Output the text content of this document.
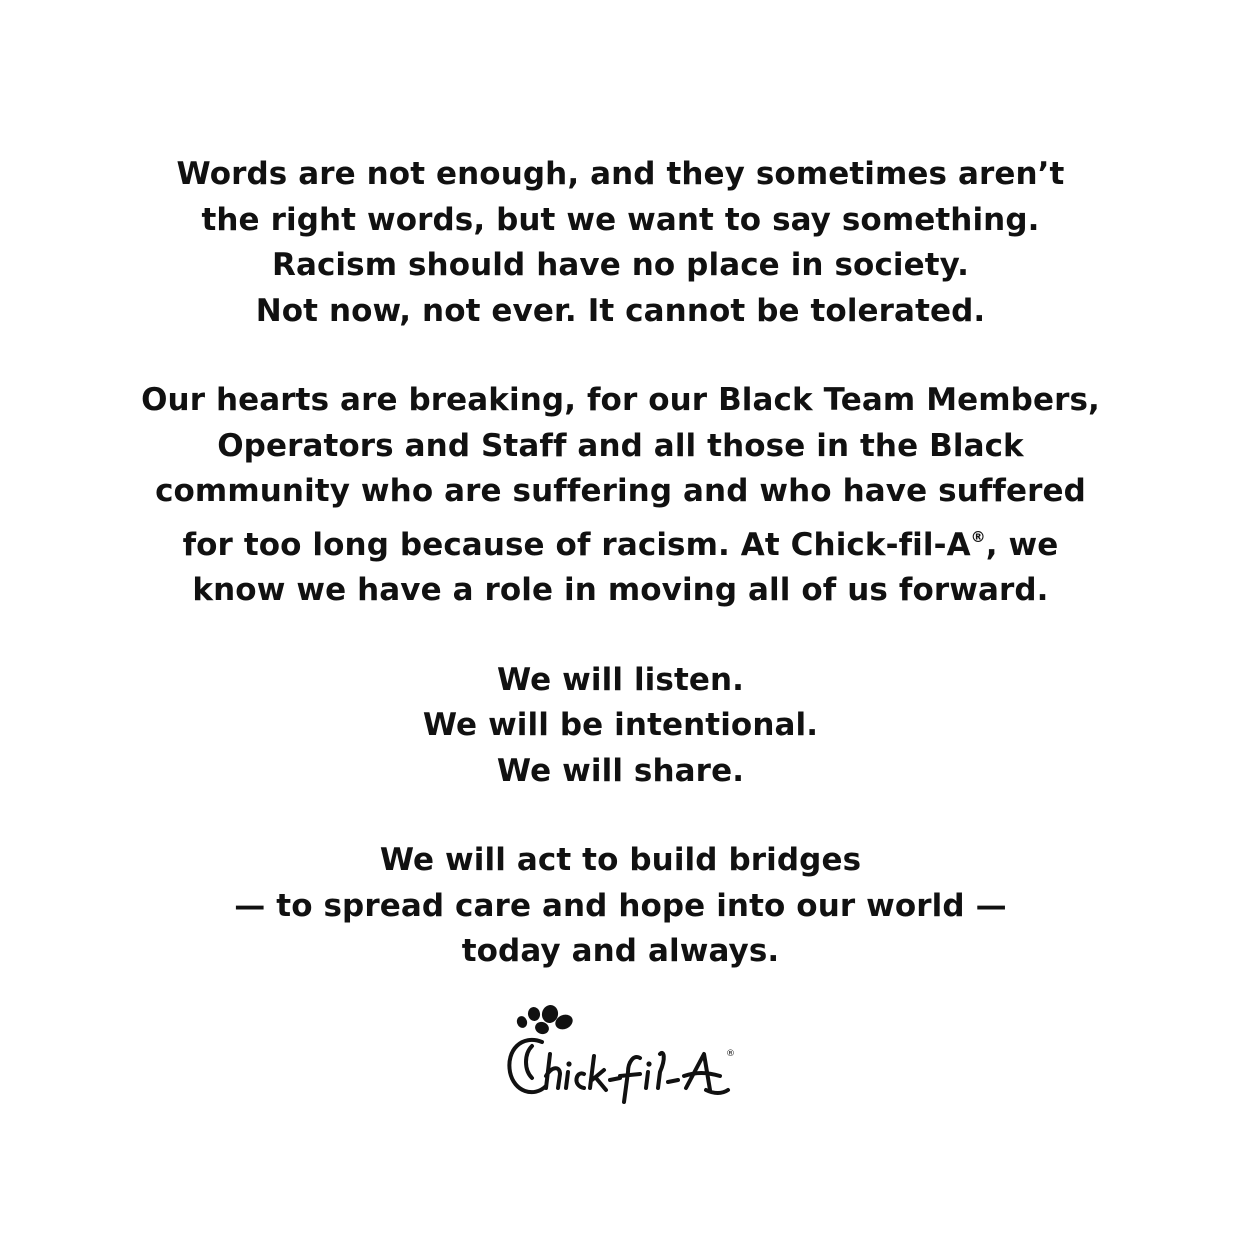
Words are not enough, and they sometimes aren’t
the right words, but we want to say something.
Racism should have no place in society.
Not now, not ever. It cannot be tolerated.

Our hearts are breaking, for our Black Team Members,
Operators and Staff and all those in the Black
community who are suffering and who have suffered
for too long because of racism. At Chick-fil-A®, we
know we have a role in moving all of us forward.

We will listen.
We will be intentional.
We will share.

We will act to build bridges
— to spread care and hope into our world —
today and always.

®
